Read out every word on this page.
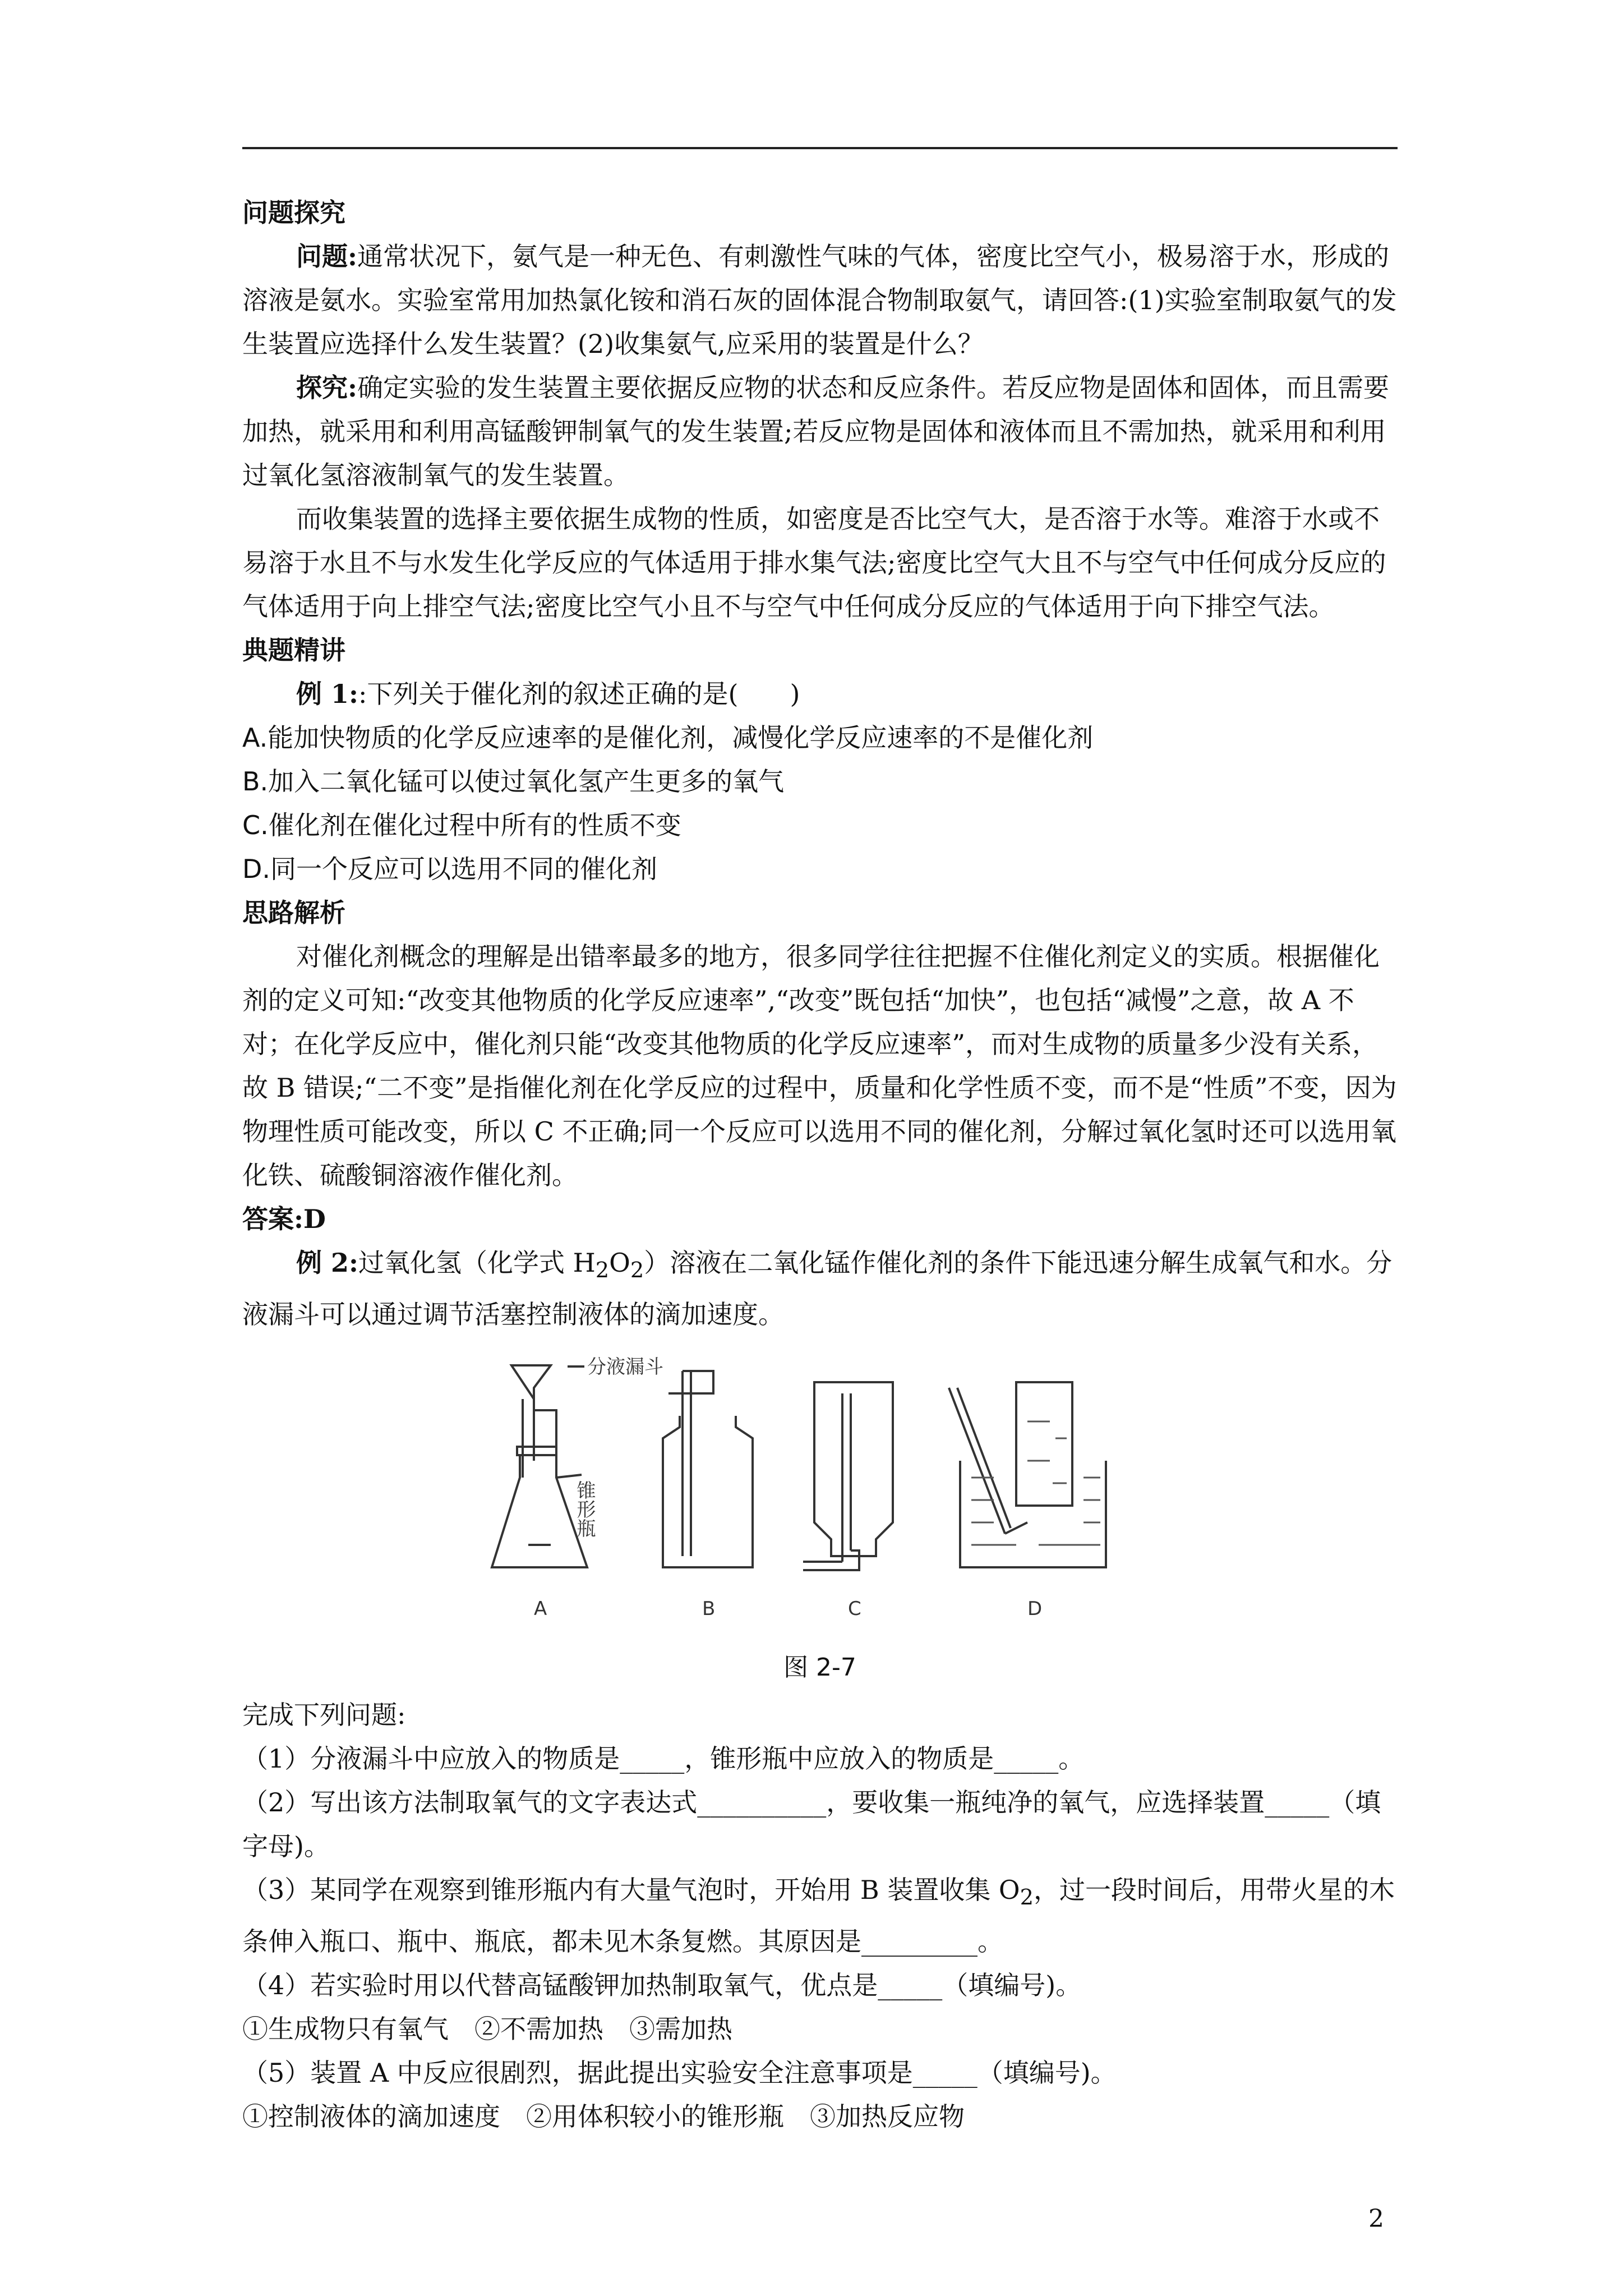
问题探究

问题:通常状况下，氨气是一种无色、有刺激性气味的气体，密度比空气小，极易溶于水，形成的溶液是氨水。实验室常用加热氯化铵和消石灰的固体混合物制取氨气，请回答:(1)实验室制取氨气的发生装置应选择什么发生装置？(2)收集氨气,应采用的装置是什么？

探究:确定实验的发生装置主要依据反应物的状态和反应条件。若反应物是固体和固体，而且需要加热，就采用和利用高锰酸钾制氧气的发生装置;若反应物是固体和液体而且不需加热，就采用和利用过氧化氢溶液制氧气的发生装置。

而收集装置的选择主要依据生成物的性质，如密度是否比空气大，是否溶于水等。难溶于水或不易溶于水且不与水发生化学反应的气体适用于排水集气法;密度比空气大且不与空气中任何成分反应的气体适用于向上排空气法;密度比空气小且不与空气中任何成分反应的气体适用于向下排空气法。

典题精讲

例 1::下列关于催化剂的叙述正确的是(　　)

A.能加快物质的化学反应速率的是催化剂，减慢化学反应速率的不是催化剂

B.加入二氧化锰可以使过氧化氢产生更多的氧气

C.催化剂在催化过程中所有的性质不变

D.同一个反应可以选用不同的催化剂

思路解析

对催化剂概念的理解是出错率最多的地方，很多同学往往把握不住催化剂定义的实质。根据催化剂的定义可知:“改变其他物质的化学反应速率”,“改变”既包括“加快”，也包括“减慢”之意，故 A 不对；在化学反应中，催化剂只能“改变其他物质的化学反应速率”，而对生成物的质量多少没有关系，故 B 错误;“二不变”是指催化剂在化学反应的过程中，质量和化学性质不变，而不是“性质”不变，因为物理性质可能改变，所以 C 不正确;同一个反应可以选用不同的催化剂，分解过氧化氢时还可以选用氧化铁、硫酸铜溶液作催化剂。

答案:D

例 2:过氧化氢（化学式 $H_2O_2$）溶液在二氧化锰作催化剂的条件下能迅速分解生成氧气和水。分液漏斗可以通过调节活塞控制液体的滴加速度。

分液漏斗
锥形瓶
A	B	C	D

图 2-7

完成下列问题:

（1）分液漏斗中应放入的物质是_____，锥形瓶中应放入的物质是_____。

（2）写出该方法制取氧气的文字表达式__________，要收集一瓶纯净的氧气，应选择装置_____（填字母)。

（3）某同学在观察到锥形瓶内有大量气泡时，开始用 B 装置收集 $O_2$，过一段时间后，用带火星的木条伸入瓶口、瓶中、瓶底，都未见木条复燃。其原因是_________。

（4）若实验时用以代替高锰酸钾加热制取氧气，优点是_____（填编号)。

①生成物只有氧气　②不需加热　③需加热

（5）装置 A 中反应很剧烈，据此提出实验安全注意事项是_____（填编号)。

①控制液体的滴加速度　②用体积较小的锥形瓶　③加热反应物

2
